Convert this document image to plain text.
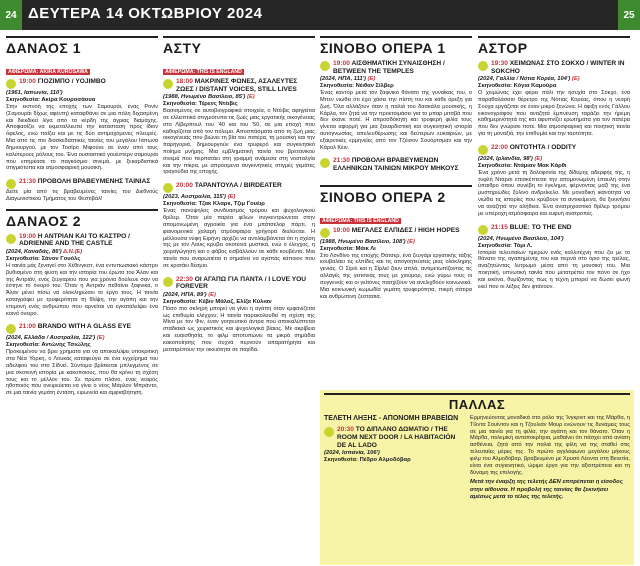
24 ΔΕΥΤΕΡΑ 14 ΟΚΤΩΒΡΙΟΥ 2024	25
ΔΑΝΑΟΣ 1
ΑΦΙΕΡΩΜΑ: AKIRA KUROSAWA
19:00 ΓΙΟΖΙΜΠΟ / YOJIMBO
(1961, Ιαπωνία, 110')
Σκηνοθεσία: Ακίρα Κουροσάουα
Στην εκπνοή της εποχής των Σαμουράι, ένας Ρονίν (Σαμουράι δίχως αφέντη) καταφθάνει σε μια πόλη διχασμένη και διεκδικεί λίγα από τα κέρδη της άγριας διαμάχης. Αποφασίζει να εκμεταλλευτεί την κατάσταση προς ίδιον όφελος, ενώ παίζει και με τις δύο αντιμαχόμενες πλευρές. Μια από τις πιο διασκεδαστικές ταινίες του μεγάλου Ιάπωνα δημιουργού, με τον Τοσίρο Μιφούνε σε έναν από τους καλύτερους ρόλους του. Ένα ουσιαστικό γουέστερν σαμουράι που επηρέασε το παγκόσμιο σινεμά, με ξεκαρδιστικά στιγμιότυπα και ατμοσφαιρική μουσική.
21:30 ΠΡΟΒΟΛΗ ΒΡΑΒΕΥΜΕΝΗΣ ΤΑΙΝΙΑΣ
Δείτε μία από τις βραβευμένες ταινίες του Διεθνούς Διαγωνιστικού Τμήματος του Φεστιβάλ!
ΔΑΝΑΟΣ 2
19:00 Η ΑΝΤΡΙΑΝ ΚΑΙ ΤΟ ΚΑΣΤΡΟ / ADRIENNE AND THE CASTLE
(2024, Καναδάς, 86') Δ.Ν.(E)
Σκηνοθεσία: Σάνον Γουόλς
Η ταινία μάς ξεναγεί στο Χέθινγκστ, ένα εντυπωσιακό κάστρο βυθισμένο στη φύση και την ιστορία του έρωτα του Άλαν και της Αντριάν, ενός ζευγαριού που για χρόνια δούλευε σαν να έστηνε το όνειρό του. Όταν η Αντριάν πεθαίνει ξαφνικά, ο Άλαν μένει πίσω να ολοκληρώσει το έργο τους. Η ταινία καταγράφει με τρυφερότητα τη θλίψη, την αγάπη και την επιμονή ενός ανθρώπου που αρνείται να εγκαταλείψει ένα κοινό όνειρο.
21:00 BRANDO WITH A GLASS EYE
(2024, Ελλάδα / Αυστραλία, 122') (E)
Σκηνοθεσία: Αντώνης Τσιώλης
Προκειμένου να βρει χρήματα για να αποκαλύψει υποκριτική στα Νέα Υόρκη, ο Λουκάς καταφεύγει σε ένα εγχείρημα του αδελφού του στο Σίδνεϊ. Σύντομα βρίσκεται μπλεγμένος σε μια σκοτεινή ιστορία με κακοποιούς, που θα κρίνει τη σχέση τους και το μέλλον του. Σε πρώτο πλάνο, ένας νεαρός ηθοποιός που ονειρεύεται να γίνει ο νέος Μάρλον Μπράντο, σε μια ταινία γεμάτη ένταση, ειρωνεία και αμφισβήτηση.
ΑΣΤΥ
ΑΦΙΕΡΩΜΑ: THIS IS ENGLAND
18:00 ΜΑΚΡΙΝΕΣ ΦΩΝΕΣ, ΑΣΑΛΕΥΤΕΣ ΖΩΕΣ / DISTANT VOICES, STILL LIVES
(1988, Ηνωμένο Βασίλειο, 85') (E)
Σκηνοθεσία: Τέρενς Ντέιβις
Βασισμένος σε αυτοβιογραφικά στοιχεία, ο Ντέιβις αφηγείται σε ελλειπτικά στιγμιότυπα τις ζωές μιας εργατικής οικογένειας στο Λίβερπουλ του '40 και του '50, σε μια εποχή που καθορίζεται από τον πόλεμο. Αποσπάσματα από τη ζωή μιας οικογένειας που βιώνει τη βία του πατέρα, τη μουσική και την παρηγοριά, δημιουργούν ένα τρυφερό και συγκινητικό ποίημα μνήμης. Μια εμβληματική ταινία του βρετανικού σινεμά που περπατάει στη γραμμή ανάμεσα στη νοσταλγία και την πίκρα, με απρόσμενα συγκινητικές στιγμές γεμάτες τραγούδια της εποχής.
20:00 ΤΑΡΑΝΤΟΥΛΑ / BIRDEATER
(2023, Αυστραλία, 115') (E)
Σκηνοθεσία: Τζακ Κλαρκ, Τζιμ Γουέιρ
Ένας πανύψηλος συνδυασμός τρόμου και ψυχολογικού θρίλερ. Όταν μία παρέα φίλων συγκεντρώνεται στην απομονωμένη αγροικία για ένα μπάτσελορ πάρτι, η φαινομενικά χαλαρή ατμόσφαιρα γρήγορα διαλύεται. Η μέλλουσα νύφη Ειρήνη αρχίζει να αντιλαμβάνεται ότι η σχέση της με τον Λούις κρύβει σκοτεινά μυστικά, ενώ ο έλεγχος, η χειραγώγηση και ο φόβος εισβάλλουν σε κάθε κουβέντα. Μια ταινία που αναρωτιέται τι σημαίνει να αγαπάς κάποιον που σε κρατάει δέσμιο.
22:30 ΟΙ ΑΓΑΠΩ ΓΙΑ ΠΑΝΤΑ / I LOVE YOU FOREVER
(2024, ΗΠΑ, 89') (E)
Σκηνοθεσία: Κέβιν Μάλαζ, Ελίζα Κύλιαν
Πόσο πιο σκληρή μπορεί να γίνει η αγάπη όταν εμφανίζεται ως επιθυμία ελέγχου; Η ταινία παρακολουθεί τη σχέση της Μίνα με τον Φιν, έναν γοητευτικό άντρα που αποκαλύπτεται σταδιακά ως χειριστικός και ψυχολογικά βίαιος. Με ακρίβεια και ευαισθησία, το φιλμ αποτυπώνει τα μικρά σημάδια κακοποίησης που συχνά περνούν απαρατήρητα και μετατρέπουν την οικειότητα σε παγίδα.
ΣΙΝΟΒΟ ΟΠΕΡΑ 1
19:00 ΑΙΣΘΗΜΑΤΙΚΗ ΣΥΝΑΙΣΘΗΣΗ / BETWEEN THE TEMPLES
(2024, ΗΠΑ, 111') (E)
Σκηνοθεσία: Νέιθαν Σίλβερ
Ένας καντόρ μετά τον ξαφνικό θάνατο της γυναίκας του, ο Μπεν νιώθει ότι έχει χάσει την πίστη του και κάθε όρεξη για ζωή. Όλα αλλάζουν όταν η παλιά του δασκάλα μουσικής, η Κάρλα, τον ζητά να την προετοιμάσει για το μπαρ μιτσβά που δεν έκανε ποτέ. Η απροσδόκητη και τρυφερή φιλία τους γίνεται αφορμή για μια ξεκαρδιστική και συγκινητική ιστορία αυτογνωσίας, απελευθέρωσης και δεύτερων ευκαιριών, με εξαιρετικές ερμηνείες από τον Τζέισον Σουόρτσμαν και την Κάρολ Κέιν.
21:30 ΠΡΟΒΟΛΗ ΒΡΑΒΕΥΜΕΝΩΝ ΕΛΛΗΝΙΚΩΝ ΤΑΙΝΙΩΝ ΜΙΚΡΟΥ ΜΗΚΟΥΣ
ΣΙΝΟΒΟ ΟΠΕΡΑ 2
ΑΦΙΕΡΩΜΑ: THIS IS ENGLAND
19:00 ΜΕΓΑΛΕΣ ΕΛΠΙΔΕΣ / HIGH HOPES
(1988, Ηνωμένο Βασίλειο, 108') (E)
Σκηνοθεσία: Μάικ Λι
Στο Λονδίνο της εποχής Θάτσερ, ένα ζευγάρι εργατικής τάξης κουβαλάει τις ελπίδες και τις απογοητεύσεις μιας ολόκληρης γενιάς. Ο Σίριλ και η Σίρλεϊ ζουν απλά, αντιμετωπίζοντας τις αλλαγές της γειτονιάς τους με χιούμορ, ενώ γύρω τους οι συγγενείς και οι γείτονες πασχίζουν να ανελιχθούν κοινωνικά. Μια κοινωνική κωμωδία γεμάτη τρυφερότητα, πικρή σάτιρα και ανθρώπινη ζεστασιά.
ΑΣΤΟΡ
19:30 ΧΕΙΜΩΝΑΣ ΣΤΟ ΣΟΚΧΟ / WINTER IN SOKCHO
(2024, Γαλλία / Νότια Κορέα, 104') (E)
Σκηνοθεσία: Κόγια Καμούρα
Ο χειμώνας έχει φέρει πάλι την ησυχία στο Σόκχο, ένα παραθαλάσσιο θέρετρο της Νότιας Κορέας, όπου η νεαρή Σούχα εργάζεται σε έναν μικρό ξενώνα. Η άφιξη ενός Γάλλου εικονογράφου που αναζητά έμπνευση ταράζει την ήρεμη καθημερινότητά της και αφυπνίζει ερωτήματα για τον πατέρα που δεν γνώρισε ποτέ. Μια ατμοσφαιρική και ποιητική ταινία για τη μοναξιά, την επιθυμία και την ταυτότητα.
22:00 ΟΝΤΟΤΗΤΑ / ODDITY
(2024, Ιρλανδία, 98') (E)
Σκηνοθεσία: Ντάμιαν Μακ Κάρθι
Ένα χρόνο μετά τη δολοφονία της δίδυμης αδερφής της, η τυφλή Νταρσι επισκέπτεται την απομονωμένη έπαυλη στην ύπαιθρο όπου συνέβη το έγκλημα, φέρνοντας μαζί της ένα μυστηριώδες ξύλινο ανδρείκελο. Με μοναδική ικανότητα να νιώθει τις ιστορίες που κρύβουν τα αντικείμενα, θα ξεκινήσει να αναζητά την αλήθεια. Ένα ανατριχιαστικό θρίλερ τρόμου με υπέροχη ατμόσφαιρα και ευφυή ανατροπές.
21:15 BLUE: TO THE END
(2024, Ηνωμένο Βασίλειο, 104')
Σκηνοθεσία: Τόμι Λ.
Ιστορία τελευταίων ημερών ενός καλλιτέχνη που ζει με το θάνατο της αγαπημένης του και περνά στο όριο της τρέλας, αναζητώντας λυτρωμό μέσα από τη μουσική του. Μια ποιητική, υπνωτική ταινία που μετατρέπει τον πόνο σε ήχο και εικόνα, θυμίζοντας πως η τέχνη μπορεί να δώσει φωνή εκεί που οι λέξεις δεν φτάνουν.
ΠΑΛΛΑΣ
ΤΕΛΕΤΗ ΛΗΞΗΣ - ΑΠΟΝΟΜΗ ΒΡΑΒΕΙΩΝ
20:30 ΤΟ ΔΙΠΛΑΝΟ ΔΩΜΑΤΙΟ / THE ROOM NEXT DOOR / LA HABITACIÓN DE AL LADO
(2024, Ισπανία, 106')
Σκηνοθεσία: Πέδρο Αλμοδόβαρ
Ερμηνεύοντας μοναδικά στο ρόλο της Ίνγκριντ και της Μάρθα, η Τίλντα Σουίντον και η Τζουλιάν Μουρ ενώνουν τις δυνάμεις τους σε μια ταινία για τη φιλία, την αγάπη και τον θάνατο. Όταν η Μάρθα, πολεμική ανταποκρίτρια, μαθαίνει ότι πάσχει από ανίατη ασθένεια, ζητά από την παλιά της φίλη να της σταθεί στις τελευταίες μέρες της. Το πρώτο αγγλόφωνο μεγάλου μήκους φιλμ του Αλμοδόβαρ, βραβευμένο με Χρυσό Λέοντα στη Βενετία, είναι ένα συγκινητικό, ώριμο έργο για την αξιοπρέπεια και τη δύναμη της επιλογής.
Μετά την έναρξη της τελετής ΔΕΝ επιτρέπεται η είσοδος στην αίθουσα. Η προβολή της ταινίας θα ξεκινήσει αμέσως μετά το τέλος της τελετής.
